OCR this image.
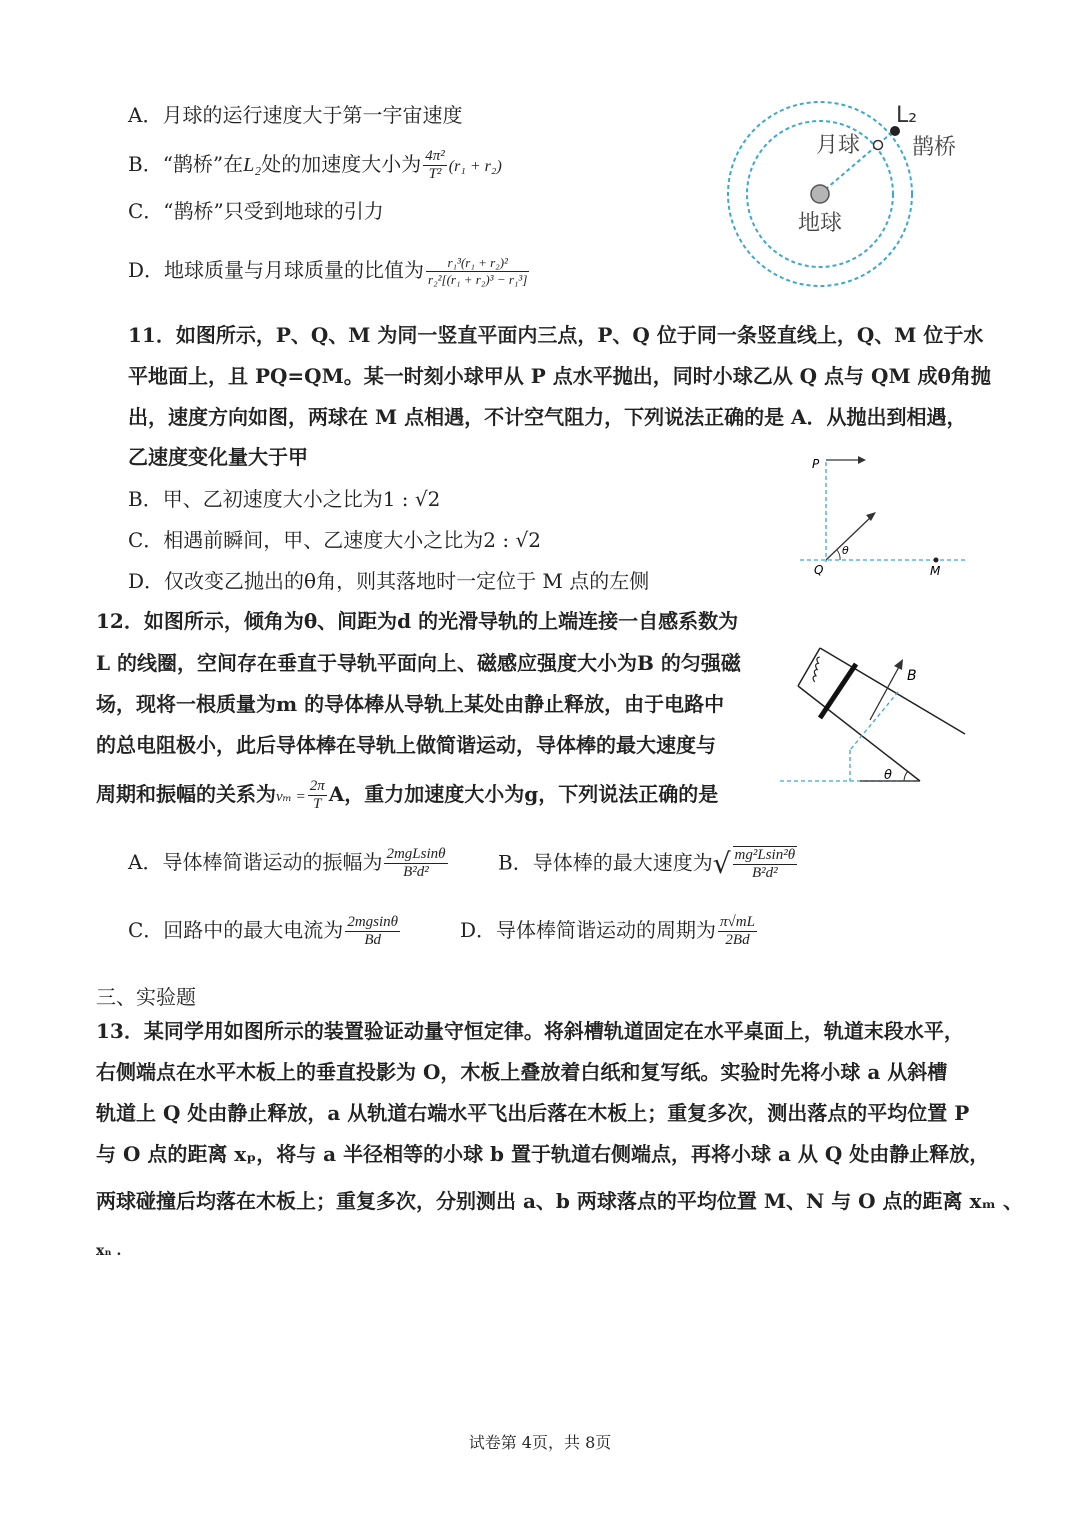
A．月球的运行速度大于第一宇宙速度
B．“鹊桥”在L₂处的加速度大小为 $\frac{\text{4π²}}{\text{T²}} (r_1 + r_2)$
C．“鹊桥”只受到地球的引力
D．地球质量与月球质量的比值为 $\frac{\text{r₁³(r₁ + r₂)²}}{\text{r₂²[(r₁ + r₂)³ − r₁³]}}$
L₂
月球 鹊桥
地球
11．如图所示，P、Q、M 为同一竖直平面内三点，P、Q 位于同一条竖直线上，Q、M 位于水
平地面上，且 PQ=QM。某一时刻小球甲从 P 点水平抛出，同时小球乙从 Q 点与 QM 成θ角抛
出，速度方向如图，两球在 M 点相遇，不计空气阻力，下列说法正确的是 A．从抛出到相遇，
乙速度变化量大于甲
B．甲、乙初速度大小之比为1 : √2
C．相遇前瞬间，甲、乙速度大小之比为2 : √2
D．仅改变乙抛出的θ角，则其落地时一定位于 M 点的左侧
P
Q	M
θ
12．如图所示，倾角为θ、间距为d 的光滑导轨的上端连接一自感系数为
L 的线圈，空间存在垂直于导轨平面向上、磁感应强度大小为B 的匀强磁
场，现将一根质量为m 的导体棒从导轨上某处由静止释放，由于电路中
的总电阻极小，此后导体棒在导轨上做简谐运动，导体棒的最大速度与
周期和振幅的关系为$v_m = \frac{2\pi}{T}$ A，重力加速度大小为g，下列说法正确的是
B
θ
A．导体棒简谐运动的振幅为 $\frac{\text{2mgLsinθ}}{\text{B²d²}}$	B．导体棒的最大速度为√ $\frac{\text{mg²Lsin²θ}}{\text{B²d²}}$
C．回路中的最大电流为 $\frac{2mgsin\theta}{Bd}$	D．导体棒简谐运动的周期为 $\frac{\pi√mL}{2Bd}$
三、实验题
13．某同学用如图所示的装置验证动量守恒定律。将斜槽轨道固定在水平桌面上，轨道末段水平，
右侧端点在水平木板上的垂直投影为 O，木板上叠放着白纸和复写纸。实验时先将小球 a 从斜槽
轨道上 Q 处由静止释放，a 从轨道右端水平飞出后落在木板上；重复多次，测出落点的平均位置 P
与 O 点的距离 xₚ，将与 a 半径相等的小球 b 置于轨道右侧端点，再将小球 a 从 Q 处由静止释放，
两球碰撞后均落在木板上；重复多次，分别测出 a、b 两球落点的平均位置 M、N 与 O 点的距离 xₘ 、
xₙ .
试卷第 4页，共 8页
